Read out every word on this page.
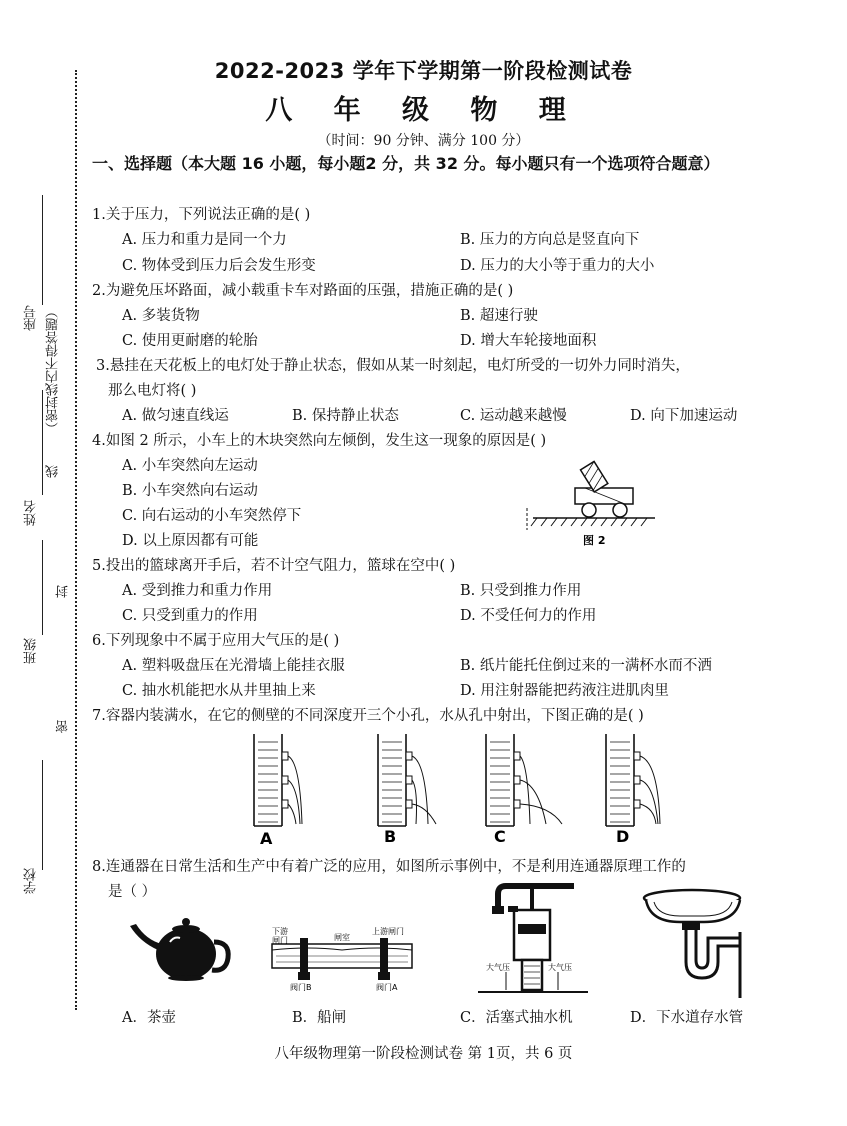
2022-2023 学年下学期第一阶段检测试卷
八 年 级 物 理
（时间：90 分钟、满分 100 分）
座号 （密封线内不得答题）
线
姓名
封
班级
密
学校
一、选择题（本大题 16 小题，每小题2 分，共 32 分。每小题只有一个选项符合题意）
1.关于压力，下列说法正确的是( )
A. 压力和重力是同一个力	B. 压力的方向总是竖直向下
C. 物体受到压力后会发生形变	D. 压力的大小等于重力的大小
2.为避免压坏路面，减小载重卡车对路面的压强，措施正确的是( )
A. 多装货物	B. 超速行驶
C. 使用更耐磨的轮胎	D. 增大车轮接地面积
3.悬挂在天花板上的电灯处于静止状态，假如从某一时刻起，电灯所受的一切外力同时消失，
那么电灯将( )
A. 做匀速直线运	B. 保持静止状态	C. 运动越来越慢	D. 向下加速运动
4.如图 2 所示，小车上的木块突然向左倾倒，发生这一现象的原因是( )
A. 小车突然向左运动
B. 小车突然向右运动
C. 向右运动的小车突然停下
D. 以上原因都有可能	图 2
5.投出的篮球离开手后，若不计空气阻力，篮球在空中( )
A. 受到推力和重力作用	B. 只受到推力作用
C. 只受到重力的作用	D. 不受任何力的作用
6.下列现象中不属于应用大气压的是( )
A. 塑料吸盘压在光滑墙上能挂衣服	B. 纸片能托住倒过来的一满杯水而不洒
C. 抽水机能把水从井里抽上来	D. 用注射器能把药液注进肌肉里
7.容器内装满水，在它的侧壁的不同深度开三个小孔，水从孔中射出，下图正确的是( )
A	B	C	D
8.连通器在日常生活和生产中有着广泛的应用，如图所示事例中，不是利用连通器原理工作的
是（ ）
下游
闸门	闸室
上游闸门
阀门B	阀门A
大气压	大气压
A．茶壶	B．船闸	C．活塞式抽水机	D．下水道存水管
八年级物理第一阶段检测试卷 第 1页，共 6 页
